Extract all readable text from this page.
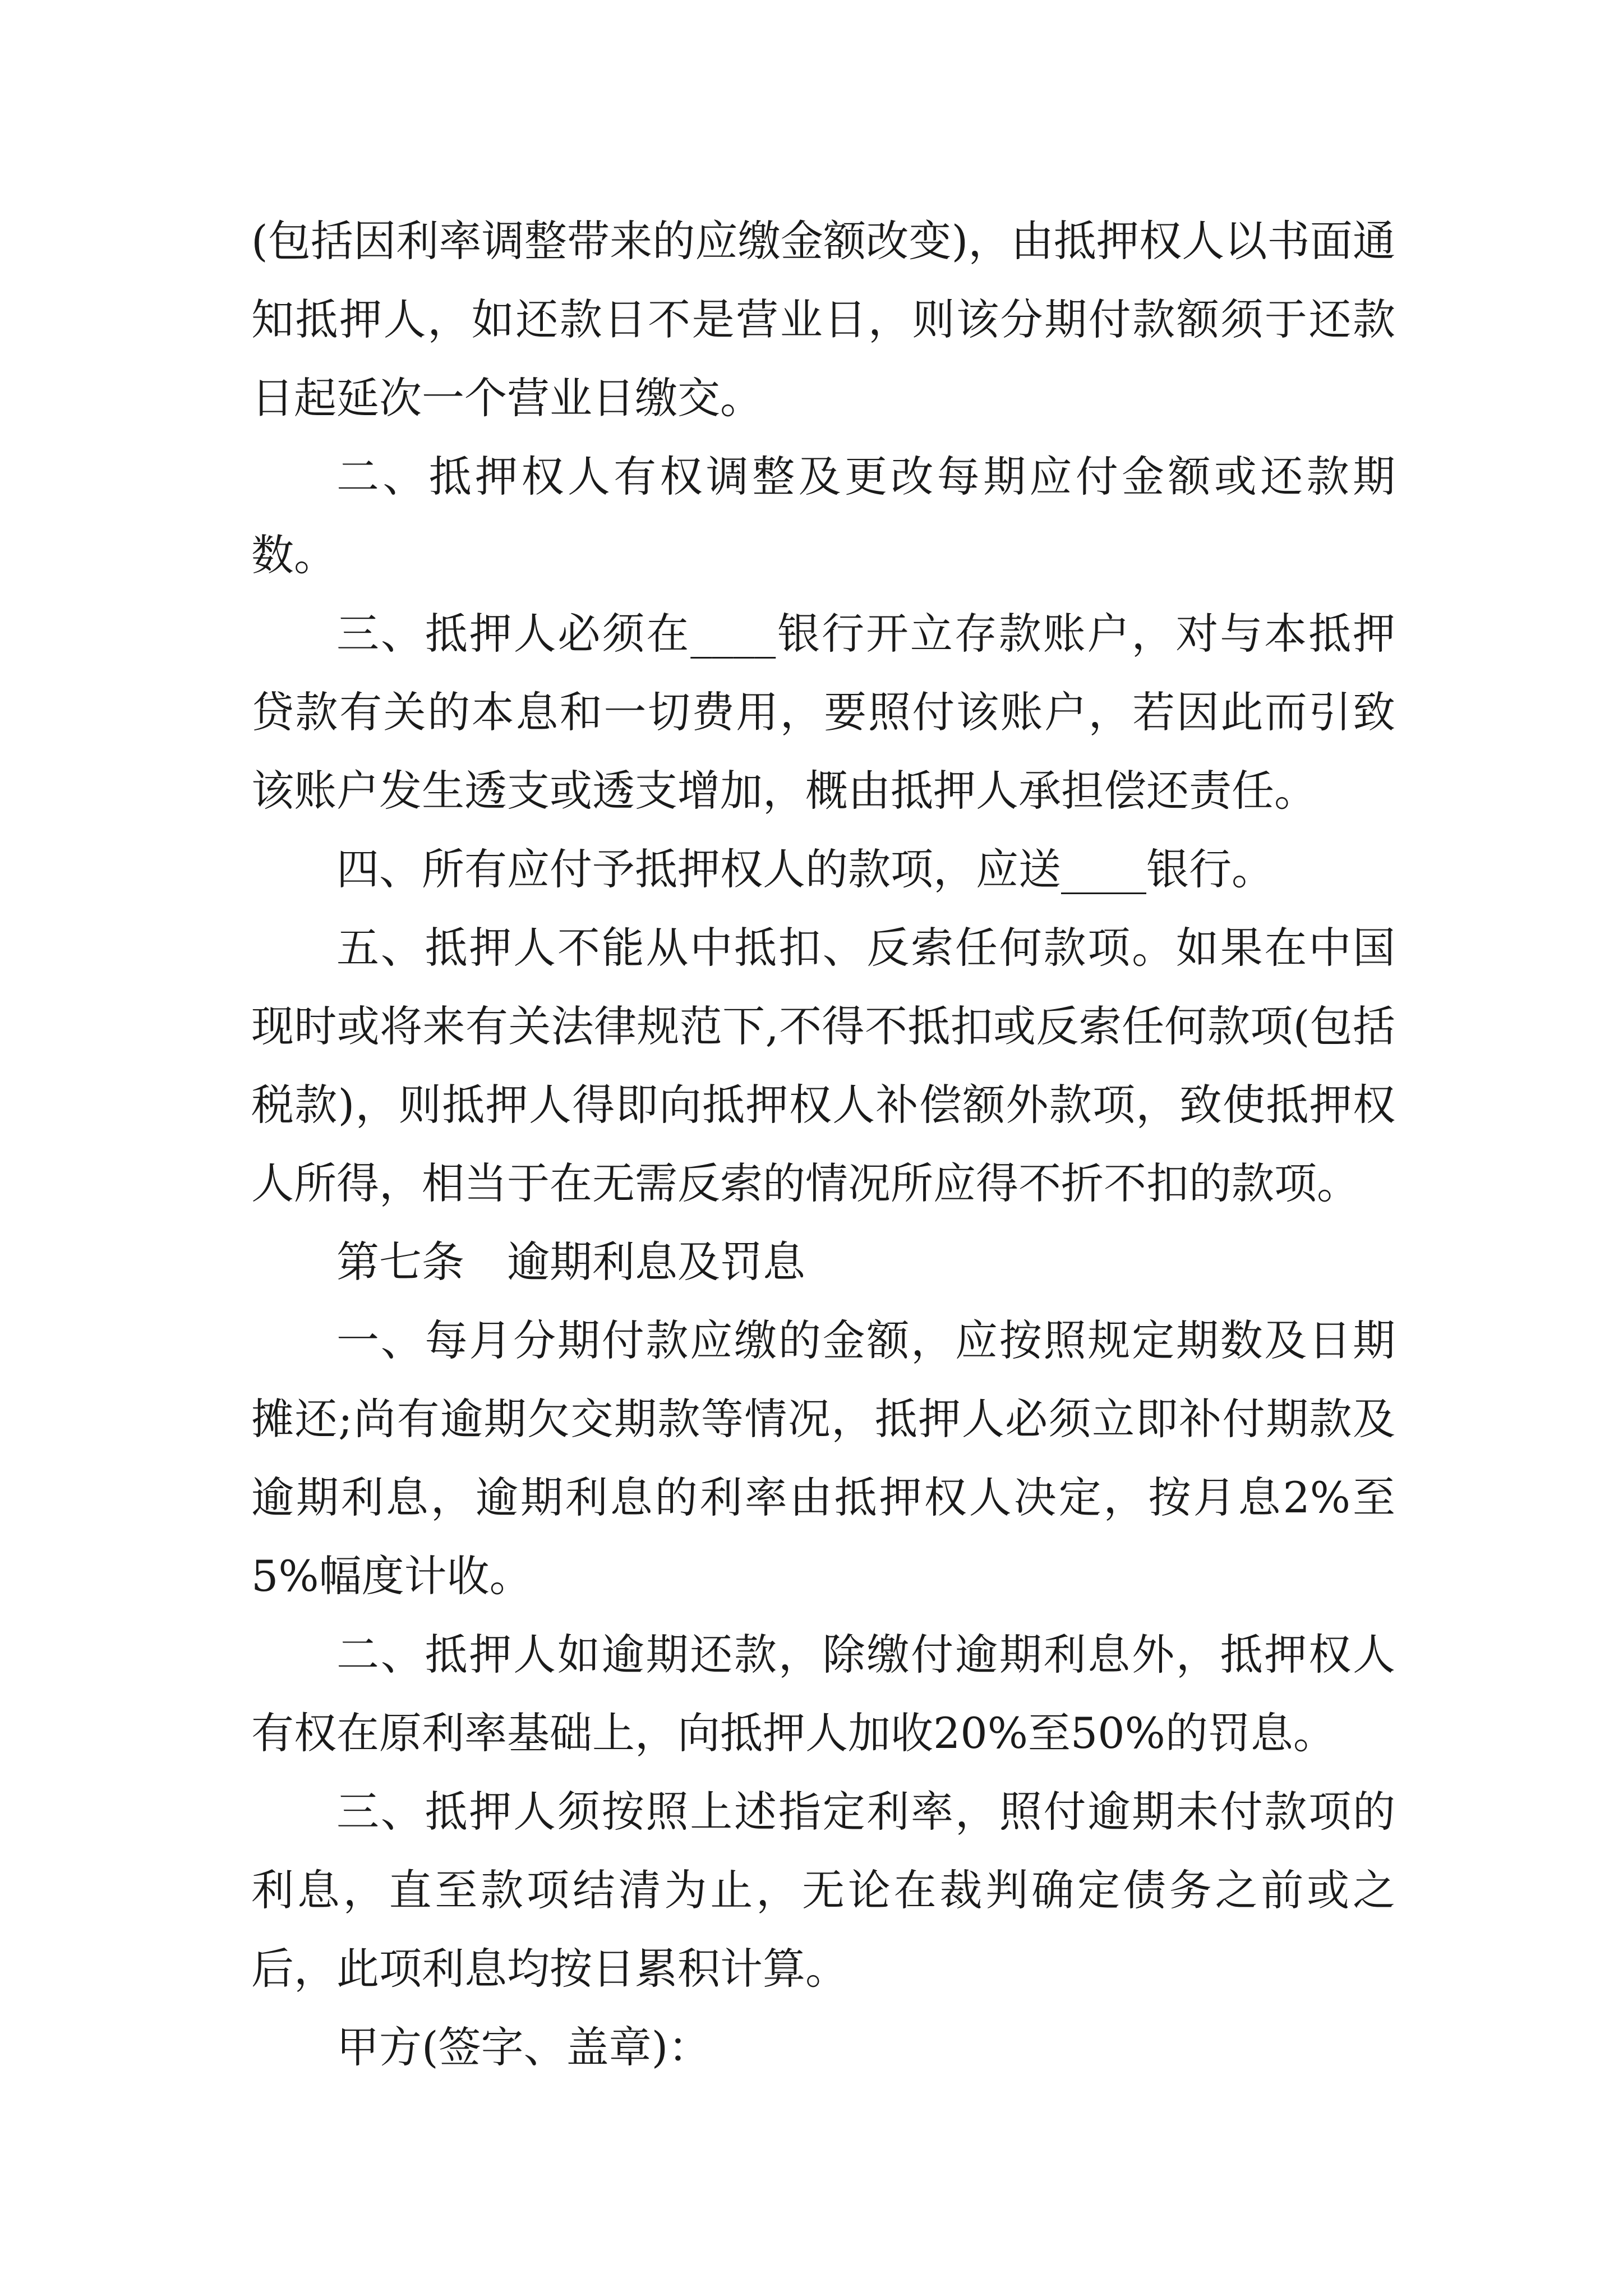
(包括因利率调整带来的应缴金额改变)，由抵押权人以书面通知抵押人，如还款日不是营业日，则该分期付款额须于还款日起延次一个营业日缴交。

二、抵押权人有权调整及更改每期应付金额或还款期数。

三、抵押人必须在____银行开立存款账户，对与本抵押贷款有关的本息和一切费用，要照付该账户，若因此而引致该账户发生透支或透支增加，概由抵押人承担偿还责任。

四、所有应付予抵押权人的款项，应送____银行。

五、抵押人不能从中抵扣、反索任何款项。如果在中国现时或将来有关法律规范下,不得不抵扣或反索任何款项(包括税款)，则抵押人得即向抵押权人补偿额外款项，致使抵押权人所得，相当于在无需反索的情况所应得不折不扣的款项。

第七条　逾期利息及罚息

一、每月分期付款应缴的金额，应按照规定期数及日期摊还;尚有逾期欠交期款等情况，抵押人必须立即补付期款及逾期利息，逾期利息的利率由抵押权人决定，按月息2%至5%幅度计收。

二、抵押人如逾期还款，除缴付逾期利息外，抵押权人有权在原利率基础上，向抵押人加收20%至50%的罚息。

三、抵押人须按照上述指定利率，照付逾期未付款项的利息，直至款项结清为止，无论在裁判确定债务之前或之后，此项利息均按日累积计算。

甲方(签字、盖章)：
